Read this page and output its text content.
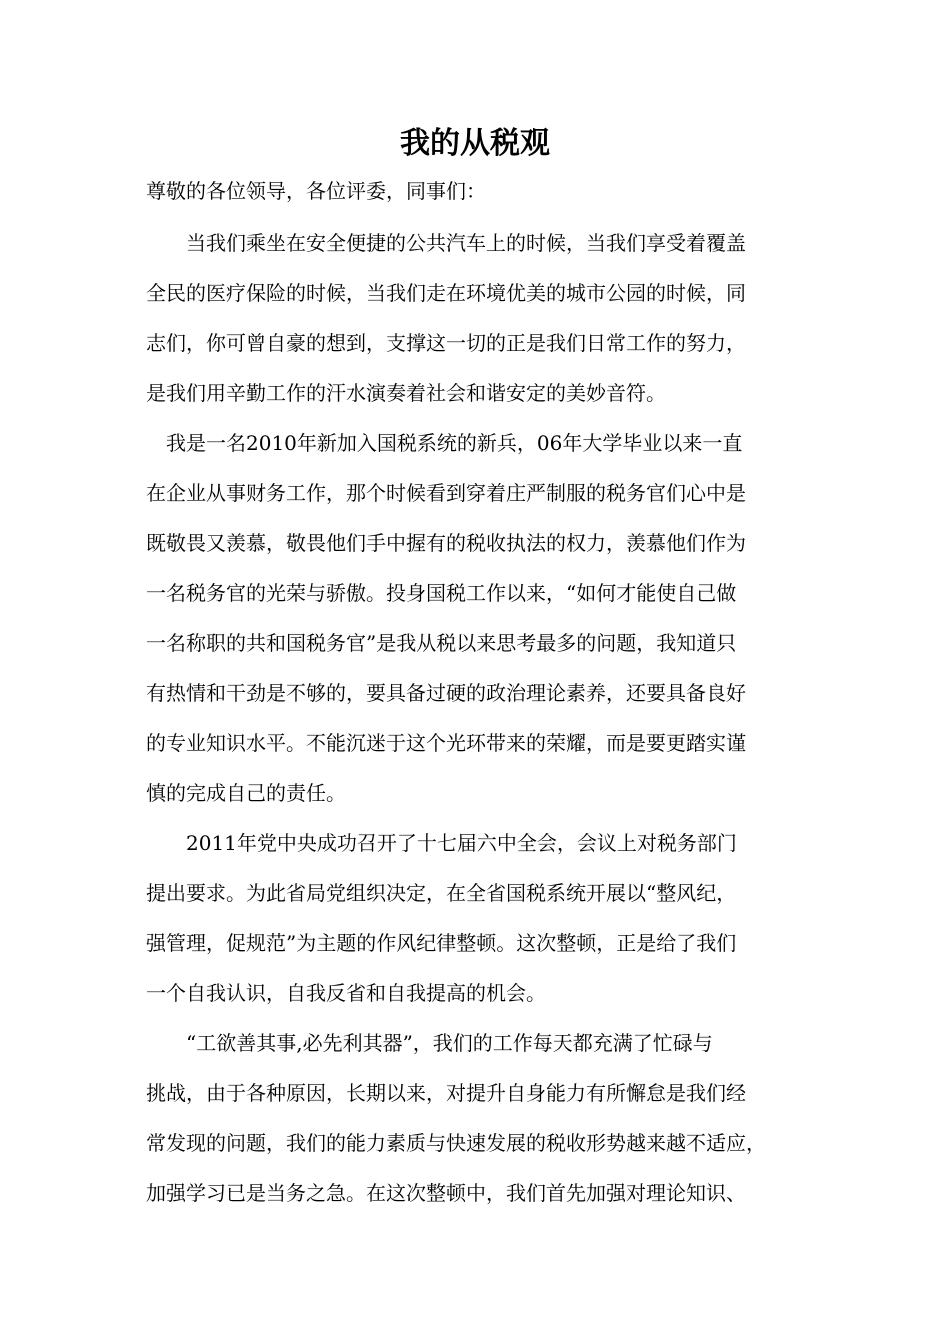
我的从税观

尊敬的各位领导，各位评委，同事们：

　　当我们乘坐在安全便捷的公共汽车上的时候，当我们享受着覆盖

全民的医疗保险的时候，当我们走在环境优美的城市公园的时候，同

志们，你可曾自豪的想到，支撑这一切的正是我们日常工作的努力，

是我们用辛勤工作的汗水演奏着社会和谐安定的美妙音符。

　我是一名2010年新加入国税系统的新兵，06年大学毕业以来一直

在企业从事财务工作，那个时候看到穿着庄严制服的税务官们心中是

既敬畏又羡慕，敬畏他们手中握有的税收执法的权力，羡慕他们作为

一名税务官的光荣与骄傲。投身国税工作以来，“如何才能使自己做

一名称职的共和国税务官”是我从税以来思考最多的问题，我知道只

有热情和干劲是不够的，要具备过硬的政治理论素养，还要具备良好

的专业知识水平。不能沉迷于这个光环带来的荣耀，而是要更踏实谨

慎的完成自己的责任。

　　2011年党中央成功召开了十七届六中全会，会议上对税务部门

提出要求。为此省局党组织决定，在全省国税系统开展以“整风纪，

强管理，促规范”为主题的作风纪律整顿。这次整顿，正是给了我们

一个自我认识，自我反省和自我提高的机会。

　　“工欲善其事,必先利其器”，我们的工作每天都充满了忙碌与

挑战，由于各种原因，长期以来，对提升自身能力有所懈怠是我们经

常发现的问题，我们的能力素质与快速发展的税收形势越来越不适应，

加强学习已是当务之急。在这次整顿中，我们首先加强对理论知识、
